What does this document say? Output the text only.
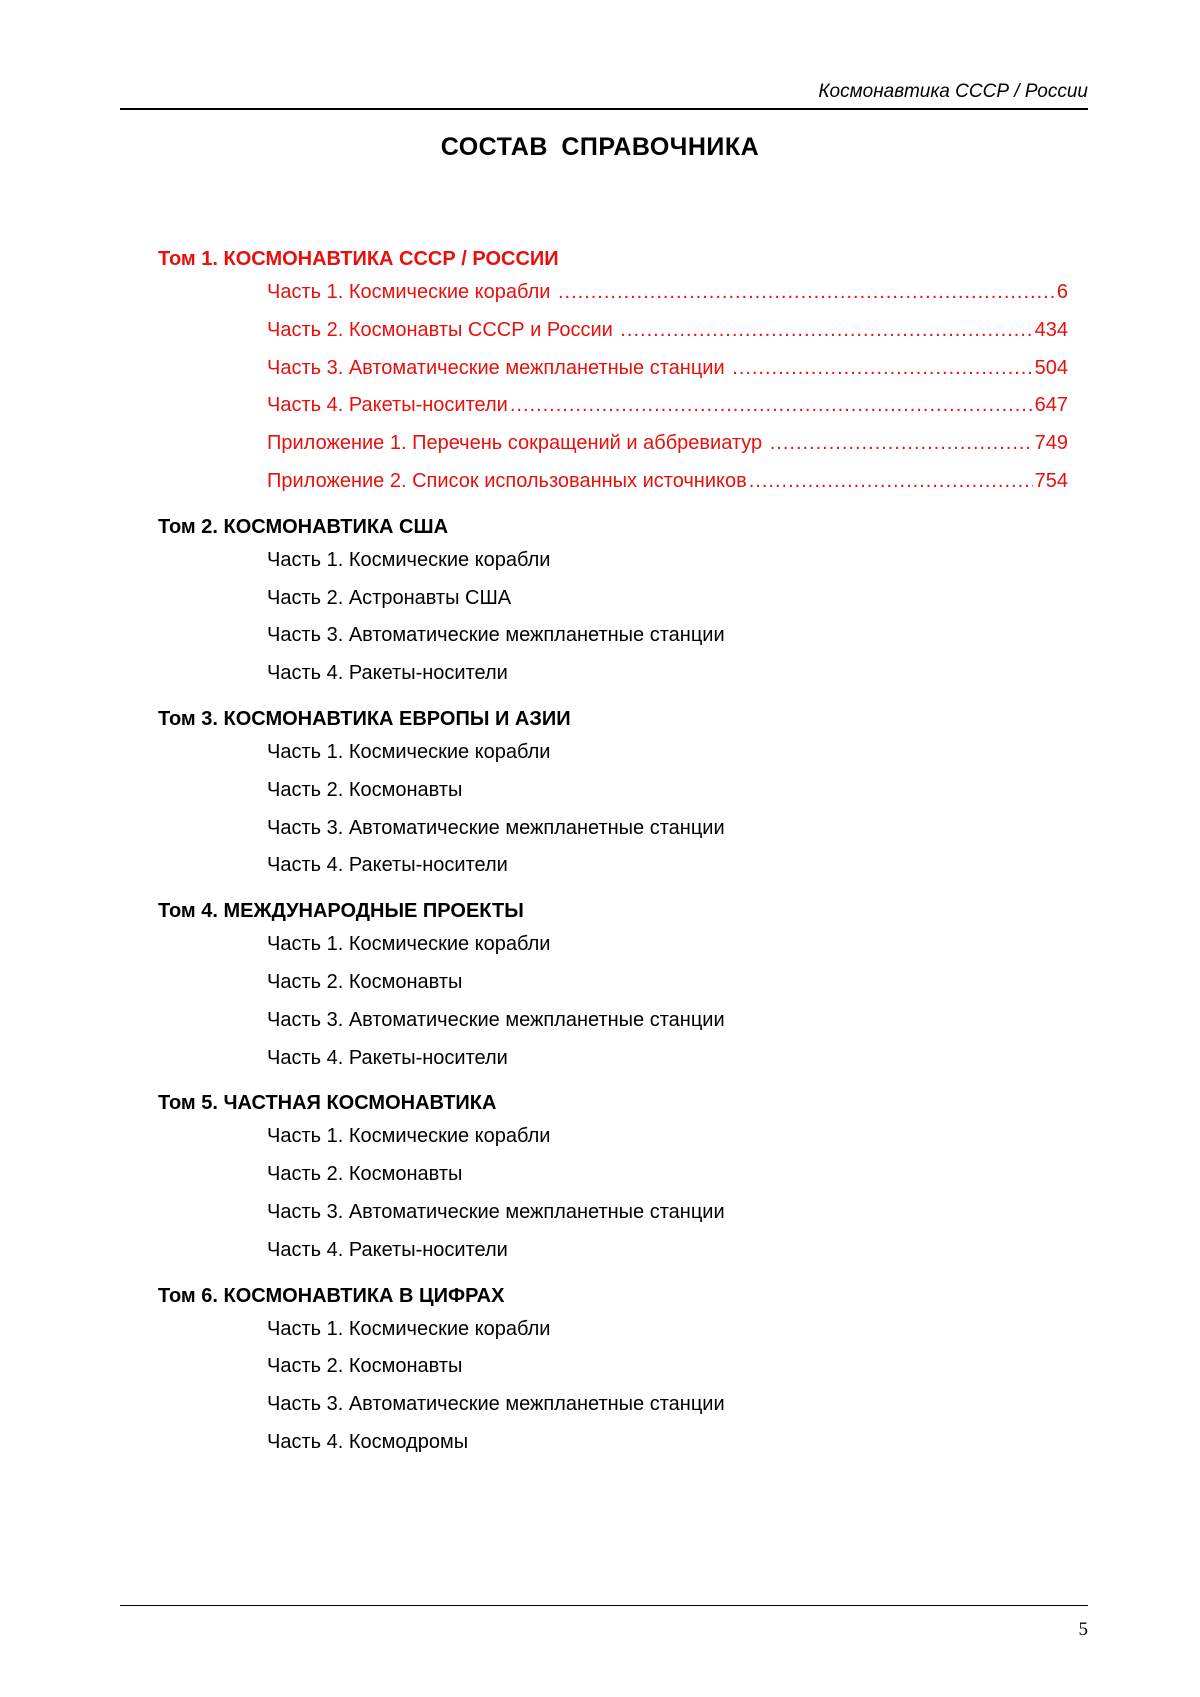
Космонавтика СССР / России
СОСТАВ СПРАВОЧНИКА
Том 1. КОСМОНАВТИКА СССР / РОССИИ
Часть 1. Космические корабли .....	6
Часть 2. Космонавты СССР и России .....	434
Часть 3. Автоматические межпланетные станции .....	504
Часть 4. Ракеты-носители .....	647
Приложение 1. Перечень сокращений и аббревиатур .....	749
Приложение 2. Список использованных источников .....	754
Том 2. КОСМОНАВТИКА США
Часть 1. Космические корабли
Часть 2. Астронавты США
Часть 3. Автоматические межпланетные станции
Часть 4. Ракеты-носители
Том 3. КОСМОНАВТИКА ЕВРОПЫ И АЗИИ
Часть 1. Космические корабли
Часть 2. Космонавты
Часть 3. Автоматические межпланетные станции
Часть 4. Ракеты-носители
Том 4. МЕЖДУНАРОДНЫЕ ПРОЕКТЫ
Часть 1. Космические корабли
Часть 2. Космонавты
Часть 3. Автоматические межпланетные станции
Часть 4. Ракеты-носители
Том 5. ЧАСТНАЯ КОСМОНАВТИКА
Часть 1. Космические корабли
Часть 2. Космонавты
Часть 3. Автоматические межпланетные станции
Часть 4. Ракеты-носители
Том 6. КОСМОНАВТИКА В ЦИФРАХ
Часть 1. Космические корабли
Часть 2. Космонавты
Часть 3. Автоматические межпланетные станции
Часть 4. Космодромы
5
